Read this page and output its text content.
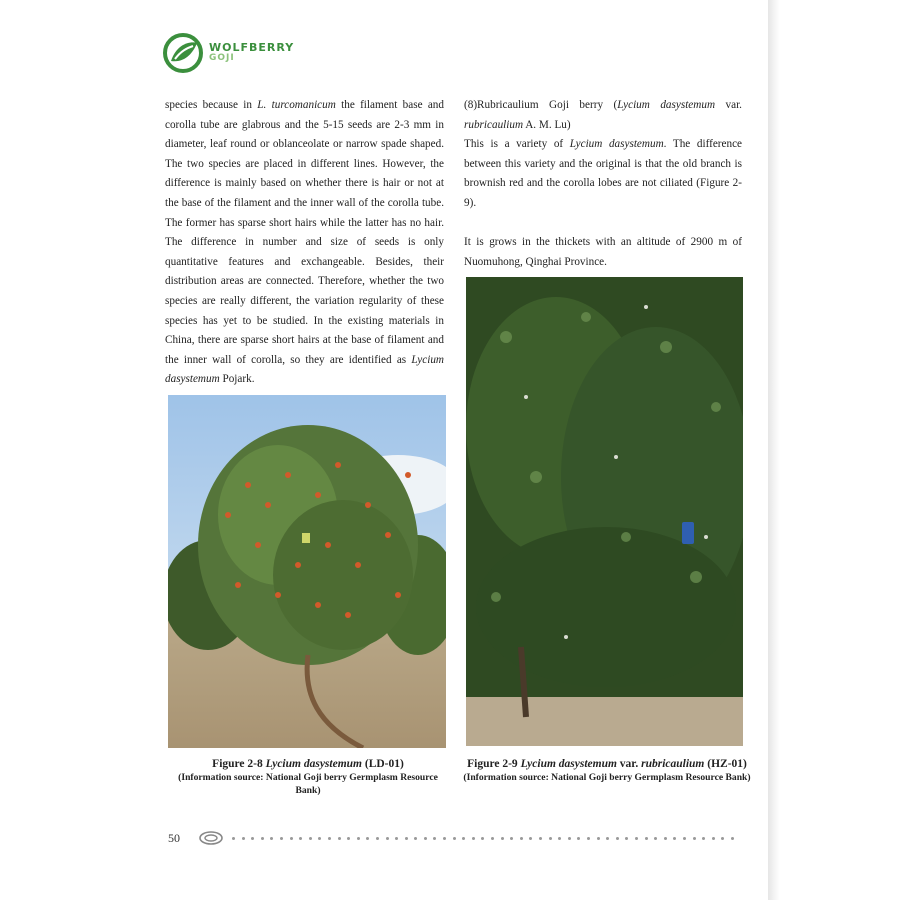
WOLFBERRY
GOJI

species because in L. turcomanicum the filament base and corolla tube are glabrous and the 5-15 seeds are 2-3 mm in diameter, leaf round or oblanceolate or narrow spade shaped. The two species are placed in different lines. However, the difference is mainly based on whether there is hair or not at the base of the filament and the inner wall of the corolla tube. The former has sparse short hairs while the latter has no hair. The difference in number and size of seeds is only quantitative features and exchangeable. Besides, their distribution areas are connected. Therefore, whether the two species are really different, the variation regularity of these species has yet to be studied. In the existing materials in China, there are sparse short hairs at the base of filament and the inner wall of corolla, so they are identified as Lycium dasystemum Pojark.

(8)Rubricaulium Goji berry (Lycium dasystemum var. rubricaulium A. M. Lu)

This is a variety of Lycium dasystemum. The difference between this variety and the original is that the old branch is brownish red and the corolla lobes are not ciliated (Figure 2-9).

It is grows in the thickets with an altitude of 2900 m of Nuomuhong, Qinghai Province.

Figure 2-8 Lycium dasystemum (LD-01)
(Information source: National Goji berry Germplasm Resource Bank)
Figure 2-9 Lycium dasystemum var. rubricaulium (HZ-01)
(Information source: National Goji berry Germplasm Resource Bank)
50
